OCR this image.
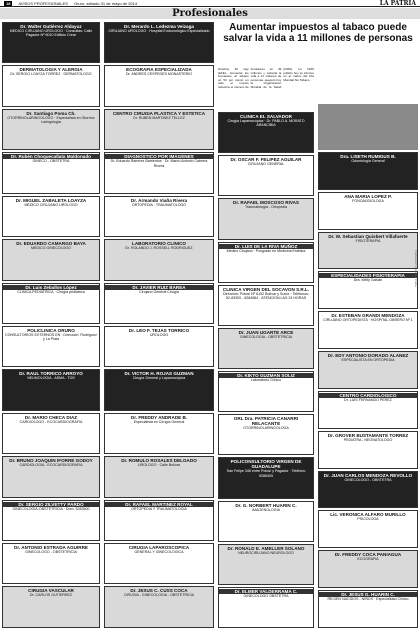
18	AVISOS PROFESIONALES Oruro, sábado 31 de mayo de 2014	LA PATRIA
Profesionales
Dr. Walter Gutiérrez Aldayuz
MEDICO CIRUJANO UROLOGO · Consultas: Calle Pagador Nº 6010 Edificio Crear
DERMATOLOGIA Y ALERGIA
Dr. SERGIO LOAYZA TORREZ · DERMATOLOGO
Dr. Santiago Poma Ch.
OTORRINOLARINGOLOGO · Especialista en Otorrino Laringología
Dr. Rubén Choquecallata Maldonado
GINECO - OBSTETRA
Dr. MIGUEL ZABALETA LOAYZA
MEDICO CIRUJANO UROLOGO
Dr. EDUARDO CAMARGO BAYA
MEDICO GINECOLOGO
Dr. Luis Zeballos López
CLINICA PEDIATRICA · Cirugía pediátrica
POLICLINICA ORURO
CONSULTORIOS EXTERNOS EN · Dirección: Rodríguez y La Plata
Dr. RAUL TORRICO ARROYO
NEUMOLOGIA - ASMA - TOS
Dr. MARIO CHECA DIAZ
CARDIOLOGO - ECOCARDIOGRAFIA
Dr. BRUNO JOAQUIN IFORRE GODOY
CARDIOLOGIA - ECOCARDIOGRAFIA
Dr. SERGIO ZILVETTY PARDO
GINECOLOGIA-OBSTETRICIA · Dom. 5283500
Dr. ANTONIO ESTRADA AGUIRRE
GINECOLOGO - OBSTETRICIA
CIRUGIA VASCULAR
Dr. CARLOS GUTIERREZ
Dr. Merardo L. Ledezma Veizaga
CIRUJANO UROLOGO · Hospital Endourológico Especializado
ECOGRAFIA ESPECIALIZADA
Dr. ANDRES CESPEDES MONASTERIO
CENTRO CIRUGIA PLASTICA Y ESTETICA
Dr. RUBEN MARTINEZ TELLEZ
DIAGNOSTICO POR IMAGENES
Dr. Eduardo Ramírez Barrientos · Dr. Marco Antonio Cabrera Rivera
Dr. Armando Viaña Rivera
ORTOPEDIA - TRAUMATOLOGO
LABORATORIO CLINICO
Dr. ROLANDO J. ROSSELL RODRIGUEZ
Dr. JAVIER RUIZ BAREA
Cirujano General Cirugía
Dr. LEO F. TEJAS TORRICO
UROLOGO
Dr. VICTOR H. ROJAS GUZMAN
Cirugía General y Laparoscópica
Dr. FREDDY ANDRADE B.
Especialista en Cirugía General
Dr. ROMULO ROSALES DELGADO
UROLOGO · Calle Bolívar
Dr. RAFAEL MARTINEZ ROYAL
ORTOPEDIA Y TRAUMATOLOGIA
CIRUGIA LAPAROSCOPICA
GENERAL Y GINECOLOGICA
Dr. JESUS C. CUSS COCA
CIRUGIA - GINECOLOGIA - OBSTETRICIA
Aumentar impuestos al tabaco puede salvar la vida a 11 millones de personas
Ginebra, 30 may (EFE).- Aumentar los impuestos al tabaco un 50 por ciento en todo el mundo reduciría el número de fumadores en 49 millones y salvaría la vida a 11 millones de personas, aseguró hoy la Organización Mundial de la Salud (OMS). La OMS publicó hoy su informe en el marco del Día Mundial Sin Tabaco.
CLINICA EL SALVADOR
Cirugía Laparoscópica · Dr. PABLO A. MORATO ARANCIBIA
Dr. OSCAR F. FELIPEZ AGUILAR
CIRUJANO GENERAL
Dr. RAFAEL MOSCOSO RIVAS
Traumatología - Ortopedia
Dr. LUIS DE LA RIVA MUÑOZ
Médico Cirujano · Posgrado en Medicina Estética
CLINICA VIRGEN DEL SOCAVON S.R.L.
Dirección: Potosí Nº 6152 Bolívar y Sucre · Teléfonos: 52-83300 - 5284564 · ATENCION LAS 24 HORAS
Dr. JUAN UGARTE ARCE
GINECOLOGIA - OBSTETRICIA
Dr. KIKTO GUZMAN SOLIZ
Laboratorio Clínico
ORL Dra. PATRICIA CANARRI RELACANTE
OTORRINOLARINGOLOGA
POLICONSULTORIO VIRGEN DE GUADALUPE
San Felipe 346 entre Potosí y Pagador · Teléfono 5286309
Dr. G. NORBERT HUARIN C.
IMAGENOLOGIA
Dr. RONALD E. AMELLER SOLANO
NEUROCIRUJANO NEUROLOGO
Dr. ELMER VALDERRAMA C.
GINECOLOGO OBSTETRA
Dra. LISETH RUMIGUS B.
Odontología General
ANA MARIA LOPEZ P.
FONOAUDIOLOGA
Dr. W. Sebastian Quisbert Villafuerte
FISIOTERAPIA
ESPECIALIDADES FISIOTERAPIA
Dra. Melly Galván
Dr. ESTEBAN GRANDI MENDOZA
CIRUJANO ORTOPEDISTA · HOSPITAL OBRERO Nº 1
Dr. EDY ANTONIO DORADO ALANEZ
ESPECIALISTA EN ORTOPEDIA
CENTRO CARDIOLOGICO
Dr. LUIS FERNANDO PEREZ
Dr. GROVER BUSTAMANTE TORREZ
PEDIATRA - NEONATOLOGO
Dr. JUAN CARLOS MENDOZA REVOLLO
GINECOLOGO - OBSTETRA
Lic. VERONICA ALFARO MURILLO
PSICOLOGA
Dr. FREDDY COCA PANIAGUA
ECOGRAFIA
Dr. JESUS G. HUARIN C.
RECIEN NACIDOS - NIÑOS · Especialidad Clínico
Publicación digital La Patria
